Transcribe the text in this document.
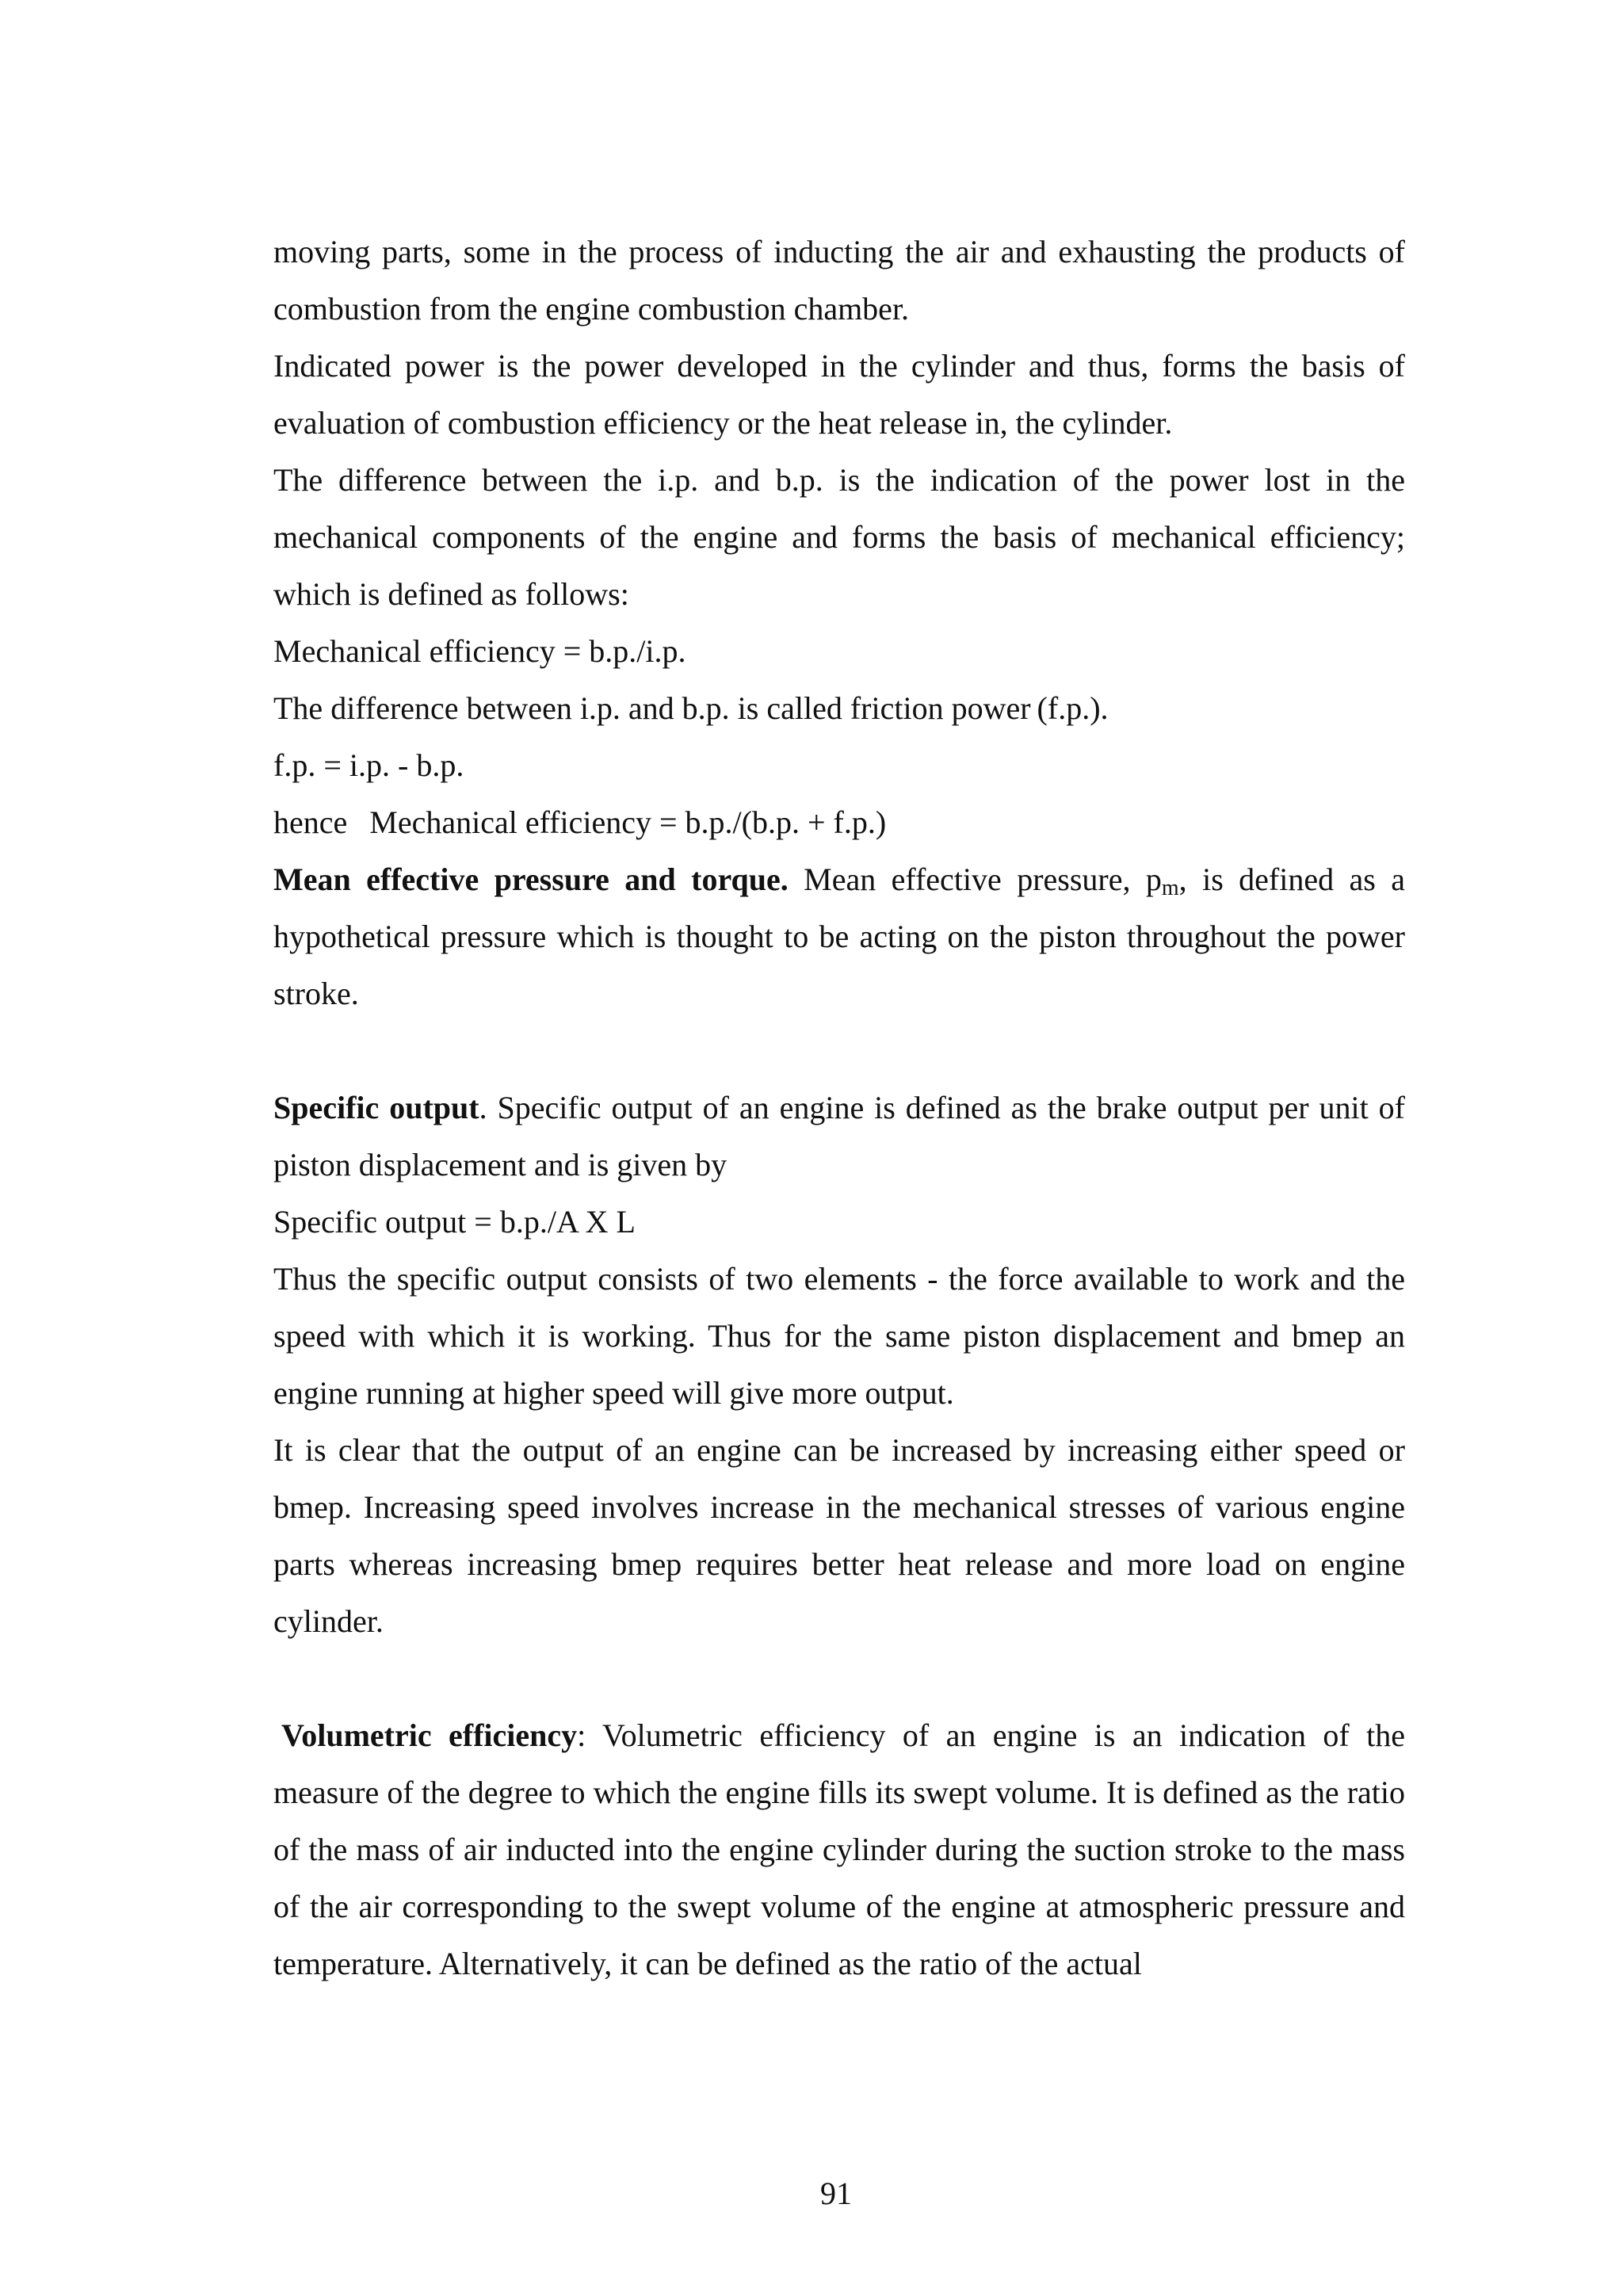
moving parts, some in the process of inducting the air and exhausting the products of combustion from the engine combustion chamber.

Indicated power is the power developed in the cylinder and thus, forms the basis of evaluation of combustion efficiency or the heat release in, the cylinder.

The difference between the i.p. and b.p. is the indication of the power lost in the mechanical components of the engine and forms the basis of mechanical efficiency; which is defined as follows:

Mechanical efficiency = b.p./i.p.

The difference between i.p. and b.p. is called friction power (f.p.).

f.p. = i.p. - b.p.

hence Mechanical efficiency = b.p./(b.p. + f.p.)

Mean effective pressure and torque. Mean effective pressure, $p_m$, is defined as a hypothetical pressure which is thought to be acting on the piston throughout the power stroke.

Specific output. Specific output of an engine is defined as the brake output per unit of piston displacement and is given by

Specific output = b.p./A X L

Thus the specific output consists of two elements - the force available to work and the speed with which it is working. Thus for the same piston displacement and bmep an engine running at higher speed will give more output.

It is clear that the output of an engine can be increased by increasing either speed or bmep. Increasing speed involves increase in the mechanical stresses of various engine parts whereas increasing bmep requires better heat release and more load on engine cylinder.

Volumetric efficiency: Volumetric efficiency of an engine is an indication of the measure of the degree to which the engine fills its swept volume. It is defined as the ratio of the mass of air inducted into the engine cylinder during the suction stroke to the mass of the air corresponding to the swept volume of the engine at atmospheric pressure and temperature. Alternatively, it can be defined as the ratio of the actual

91
